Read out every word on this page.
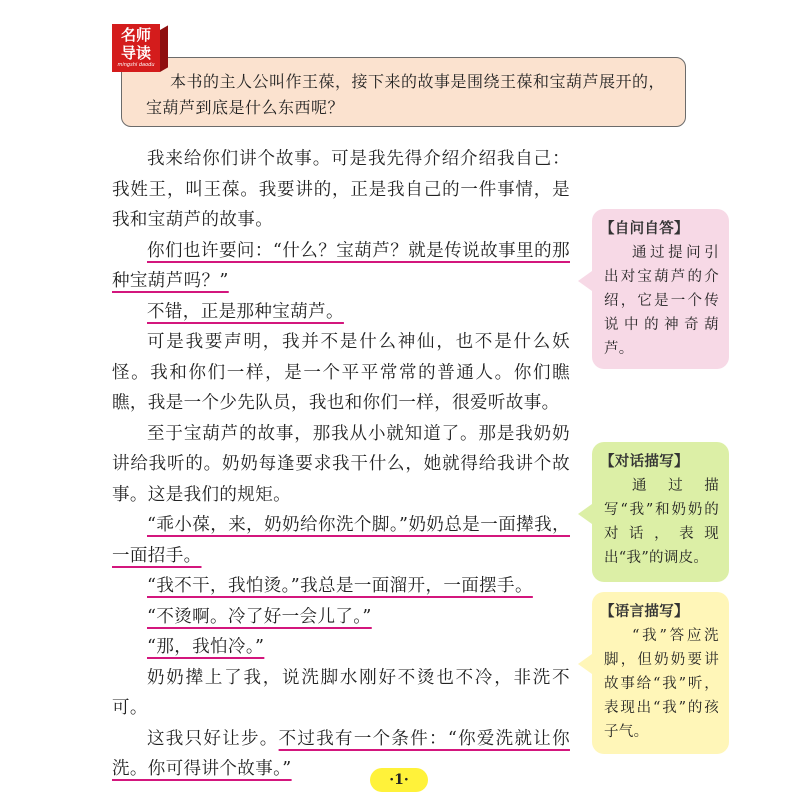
本书的主人公叫作王葆，接下来的故事是围绕王葆和宝葫芦展开的，宝葫芦到底是什么东西呢？
名师
导读
mingshi daodu

我来给你们讲个故事。可是我先得介绍介绍我自己：我姓王，叫王葆。我要讲的，正是我自己的一件事情，是我和宝葫芦的故事。

你们也许要问：“什么？宝葫芦？就是传说故事里的那种宝葫芦吗？”

不错，正是那种宝葫芦。

可是我要声明，我并不是什么神仙，也不是什么妖怪。我和你们一样，是一个平平常常的普通人。你们瞧瞧，我是一个少先队员，我也和你们一样，很爱听故事。

至于宝葫芦的故事，那我从小就知道了。那是我奶奶讲给我听的。奶奶每逢要求我干什么，她就得给我讲个故事。这是我们的规矩。

“乖小葆，来，奶奶给你洗个脚。”奶奶总是一面撵我，一面招手。

“我不干，我怕烫。”我总是一面溜开，一面摆手。

“不烫啊。冷了好一会儿了。”

“那，我怕冷。”

奶奶撵上了我，说洗脚水刚好不烫也不冷，非洗不可。

这我只好让步。不过我有一个条件：“你爱洗就让你洗。你可得讲个故事。”

【自问自答】
通过提问引出对宝葫芦的介绍，它是一个传说中的神奇葫芦。
【对话描写】
通过描写“我”和奶奶的对话，表现出“我”的调皮。
【语言描写】
“我”答应洗脚，但奶奶要讲故事给“我”听，表现出“我”的孩子气。
·1·
